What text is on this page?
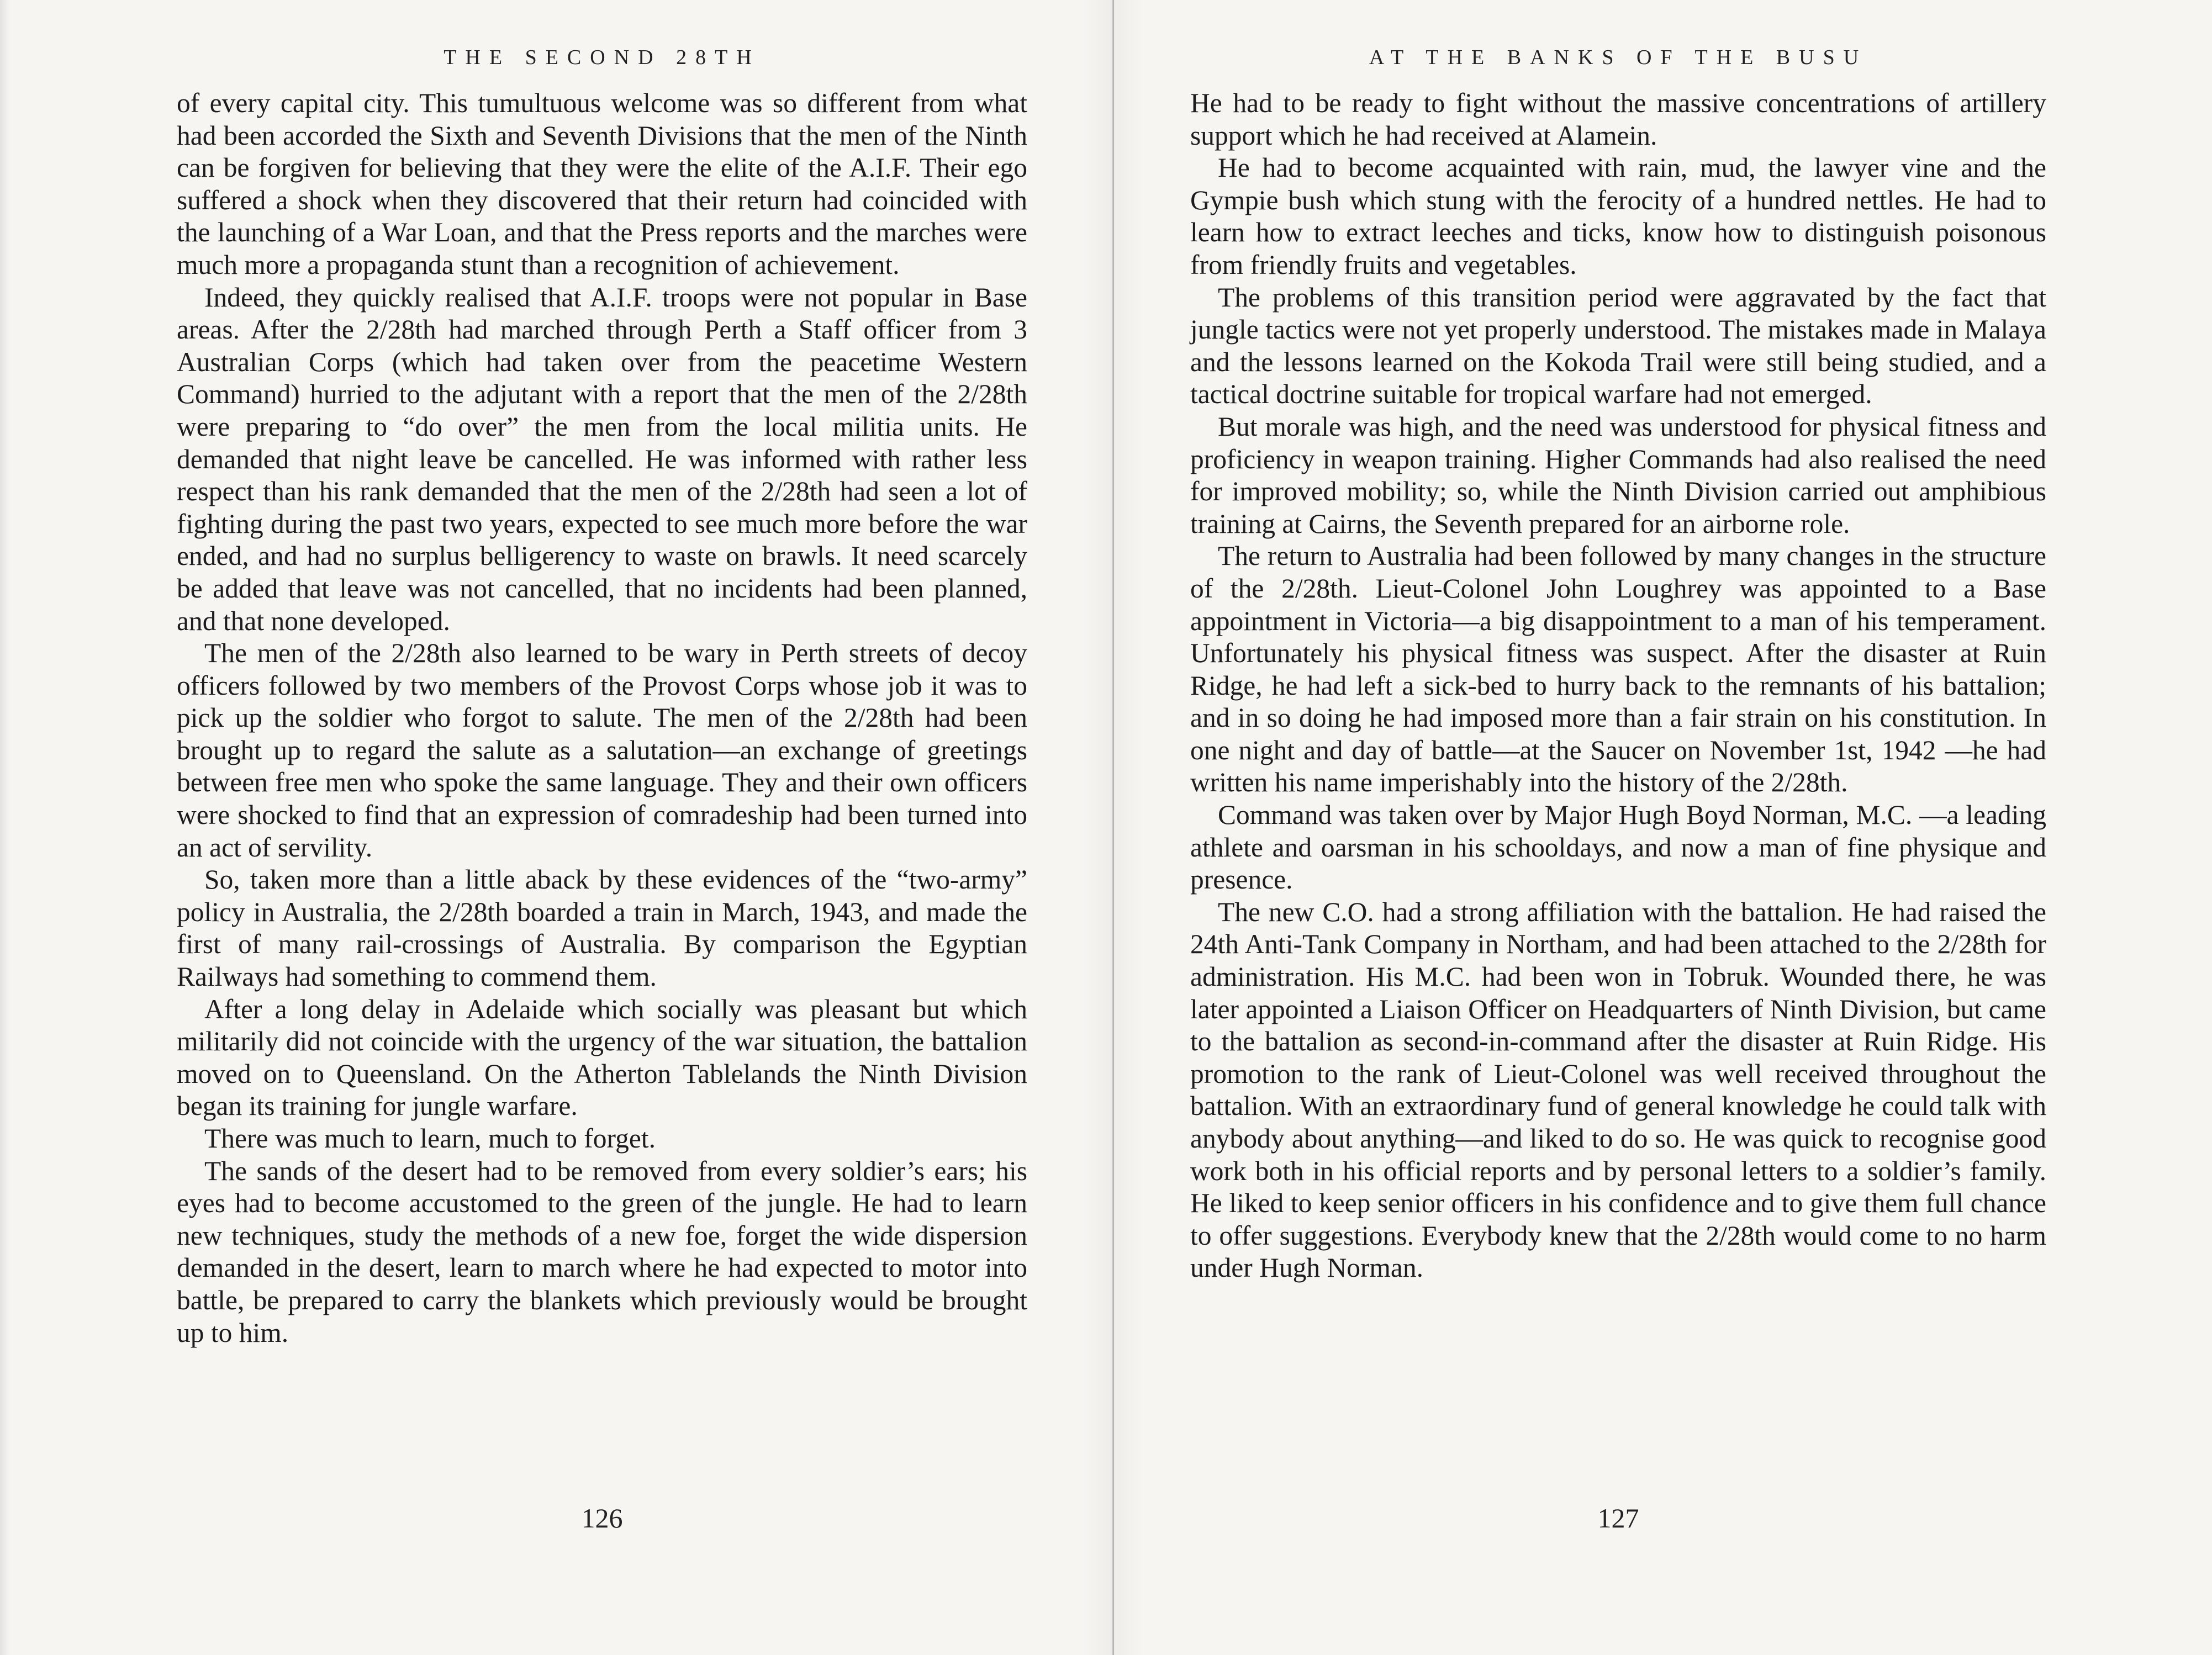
THE SECOND 28TH

of every capital city. This tumultuous welcome was so different from what had been accorded the Sixth and Seventh Divisions that the men of the Ninth can be forgiven for believing that they were the elite of the A.I.F. Their ego suffered a shock when they discovered that their return had coincided with the launching of a War Loan, and that the Press reports and the marches were much more a propaganda stunt than a recognition of achievement.

Indeed, they quickly realised that A.I.F. troops were not popular in Base areas. After the 2/28th had marched through Perth a Staff officer from 3 Australian Corps (which had taken over from the peacetime Western Command) hurried to the adjutant with a report that the men of the 2/28th were preparing to “do over” the men from the local militia units. He demanded that night leave be cancelled. He was informed with rather less respect than his rank demanded that the men of the 2/28th had seen a lot of fighting during the past two years, expected to see much more before the war ended, and had no surplus belligerency to waste on brawls. It need scarcely be added that leave was not cancelled, that no incidents had been planned, and that none developed.

The men of the 2/28th also learned to be wary in Perth streets of decoy officers followed by two members of the Provost Corps whose job it was to pick up the soldier who forgot to salute. The men of the 2/28th had been brought up to regard the salute as a salutation—an exchange of greetings between free men who spoke the same language. They and their own officers were shocked to find that an expression of comradeship had been turned into an act of servility.

So, taken more than a little aback by these evidences of the “two-army” policy in Australia, the 2/28th boarded a train in March, 1943, and made the first of many rail-crossings of Australia. By comparison the Egyptian Railways had something to commend them.

After a long delay in Adelaide which socially was pleasant but which militarily did not coincide with the urgency of the war situation, the battalion moved on to Queensland. On the Atherton Tablelands the Ninth Division began its training for jungle warfare.

There was much to learn, much to forget.

The sands of the desert had to be removed from every soldier’s ears; his eyes had to become accustomed to the green of the jungle. He had to learn new techniques, study the methods of a new foe, forget the wide dispersion demanded in the desert, learn to march where he had expected to motor into battle, be prepared to carry the blankets which previously would be brought up to him.

126
AT THE BANKS OF THE BUSU

He had to be ready to fight without the massive concentrations of artillery support which he had received at Alamein.

He had to become acquainted with rain, mud, the lawyer vine and the Gympie bush which stung with the ferocity of a hundred nettles. He had to learn how to extract leeches and ticks, know how to distinguish poisonous from friendly fruits and vegetables.

The problems of this transition period were aggravated by the fact that jungle tactics were not yet properly understood. The mistakes made in Malaya and the lessons learned on the Kokoda Trail were still being studied, and a tactical doctrine suitable for tropical warfare had not emerged.

But morale was high, and the need was understood for physical fitness and proficiency in weapon training. Higher Commands had also realised the need for improved mobility; so, while the Ninth Division carried out amphibious training at Cairns, the Seventh prepared for an airborne role.

The return to Australia had been followed by many changes in the structure of the 2/28th. Lieut-Colonel John Loughrey was appointed to a Base appointment in Victoria—a big disappointment to a man of his temperament. Unfortunately his physical fitness was suspect. After the disaster at Ruin Ridge, he had left a sick-bed to hurry back to the remnants of his battalion; and in so doing he had imposed more than a fair strain on his constitution. In one night and day of battle—at the Saucer on November 1st, 1942 —he had written his name imperishably into the history of the 2/28th.

Command was taken over by Major Hugh Boyd Norman, M.C. —a leading athlete and oarsman in his schooldays, and now a man of fine physique and presence.

The new C.O. had a strong affiliation with the battalion. He had raised the 24th Anti-Tank Company in Northam, and had been attached to the 2/28th for administration. His M.C. had been won in Tobruk. Wounded there, he was later appointed a Liaison Officer on Headquarters of Ninth Division, but came to the battalion as second-in-command after the disaster at Ruin Ridge. His promotion to the rank of Lieut-Colonel was well received throughout the battalion. With an extraordinary fund of general knowledge he could talk with anybody about anything—and liked to do so. He was quick to recognise good work both in his official reports and by personal letters to a soldier’s family. He liked to keep senior officers in his confidence and to give them full chance to offer suggestions. Everybody knew that the 2/28th would come to no harm under Hugh Norman.

127
